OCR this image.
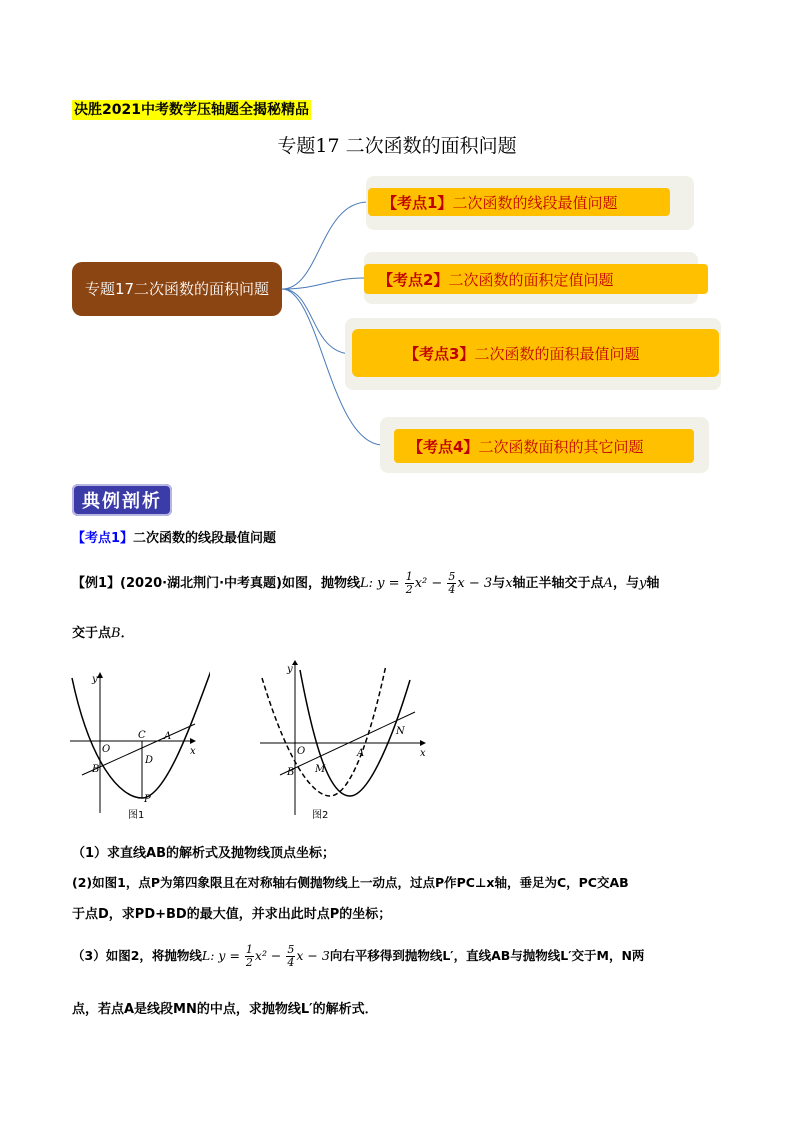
决胜2021中考数学压轴题全揭秘精品
专题17 二次函数的面积问题
专题17二次函数的面积问题
【考点1】 二次函数的线段最值问题
【考点2】 二次函数的面积定值问题
【考点3】 二次函数的面积最值问题
【考点4】 二次函数面积的其它问题
典例剖析
【考点1】二次函数的线段最值问题
【例1】(2020·湖北荆门·中考真题)如图，抛物线L: $y = \frac{1}{2} x^2 - \frac{5}{4}$ x − 3与x轴正半轴交于点A，与y轴
交于点B．
x
y
O
A
B
C
D
P
图1
x
y
O	A
B M
N
图2
（1）求直线AB的解析式及抛物线顶点坐标；
(2)如图1，点P为第四象限且在对称轴右侧抛物线上一动点，过点P作PC⊥x轴，垂足为C，PC交AB
于点D，求PD+BD的最大值，并求出此时点P的坐标；
（3）如图2，将抛物线L: $y = \frac{1}{2} x^2 - \frac{5}{4}$ x − 3向右平移得到抛物线L′，直线AB与抛物线L′交于M，N两
点，若点A是线段MN的中点，求抛物线L′的解析式．
